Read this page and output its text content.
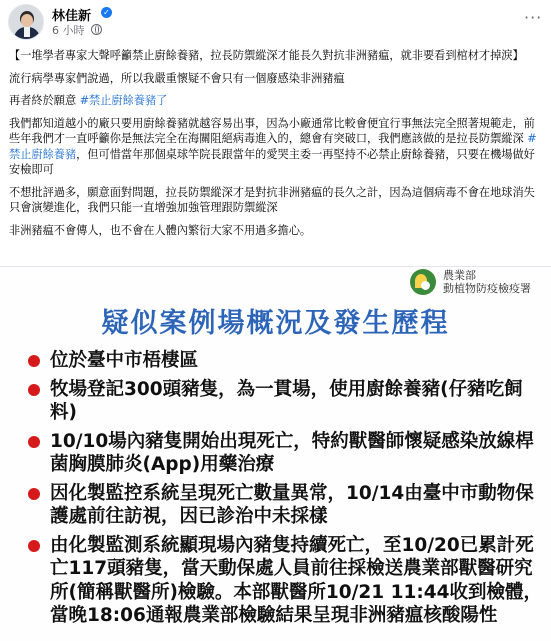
林佳新 ✓
6 小時
···

【一堆學者專家大聲呼籲禁止廚餘養豬，拉長防禦縱深才能長久對抗非洲豬瘟，就非要看到棺材才掉淚】

流行病學專家們說過，所以我嚴重懷疑不會只有一個廢感染非洲豬瘟

再者終於願意 #禁止廚餘養豬了

我們都知道越小的廠只要用廚餘養豬就越容易出事，因為小廠通常比較會便宜行事無法完全照著規範走，前些年我們才一直呼籲你是無法完全在海關阻絕病毒進入的，總會有突破口，我們應該做的是拉長防禦縱深 #禁止廚餘養豬，但可惜當年那個桌球竿院長跟當年的愛哭主委一再堅持不必禁止廚餘養豬，只要在機場做好安檢即可

不想批評過多，願意面對問題，拉長防禦縱深才是對抗非洲豬瘟的長久之計，因為這個病毒不會在地球消失只會演變進化，我們只能一直增強加強管理跟防禦縱深

非洲豬瘟不會傳人，也不會在人體內繁衍大家不用過多擔心。

農業部
動植物防疫檢疫署
疑似案例場概況及發生歷程
位於臺中市梧棲區
牧場登記300頭豬隻，為一貫場，使用廚餘養豬(仔豬吃飼料)
10/10場內豬隻開始出現死亡，特約獸醫師懷疑感染放線桿菌胸膜肺炎(App)用藥治療
因化製監控系統呈現死亡數量異常，10/14由臺中市動物保護處前往訪視，因已診治中未採樣
由化製監測系統顯現場內豬隻持續死亡，至10/20已累計死亡117頭豬隻，當天動保處人員前往採檢送農業部獸醫研究所(簡稱獸醫所)檢驗。本部獸醫所10/21 11:44收到檢體，當晚18:06通報農業部檢驗結果呈現非洲豬瘟核酸陽性
